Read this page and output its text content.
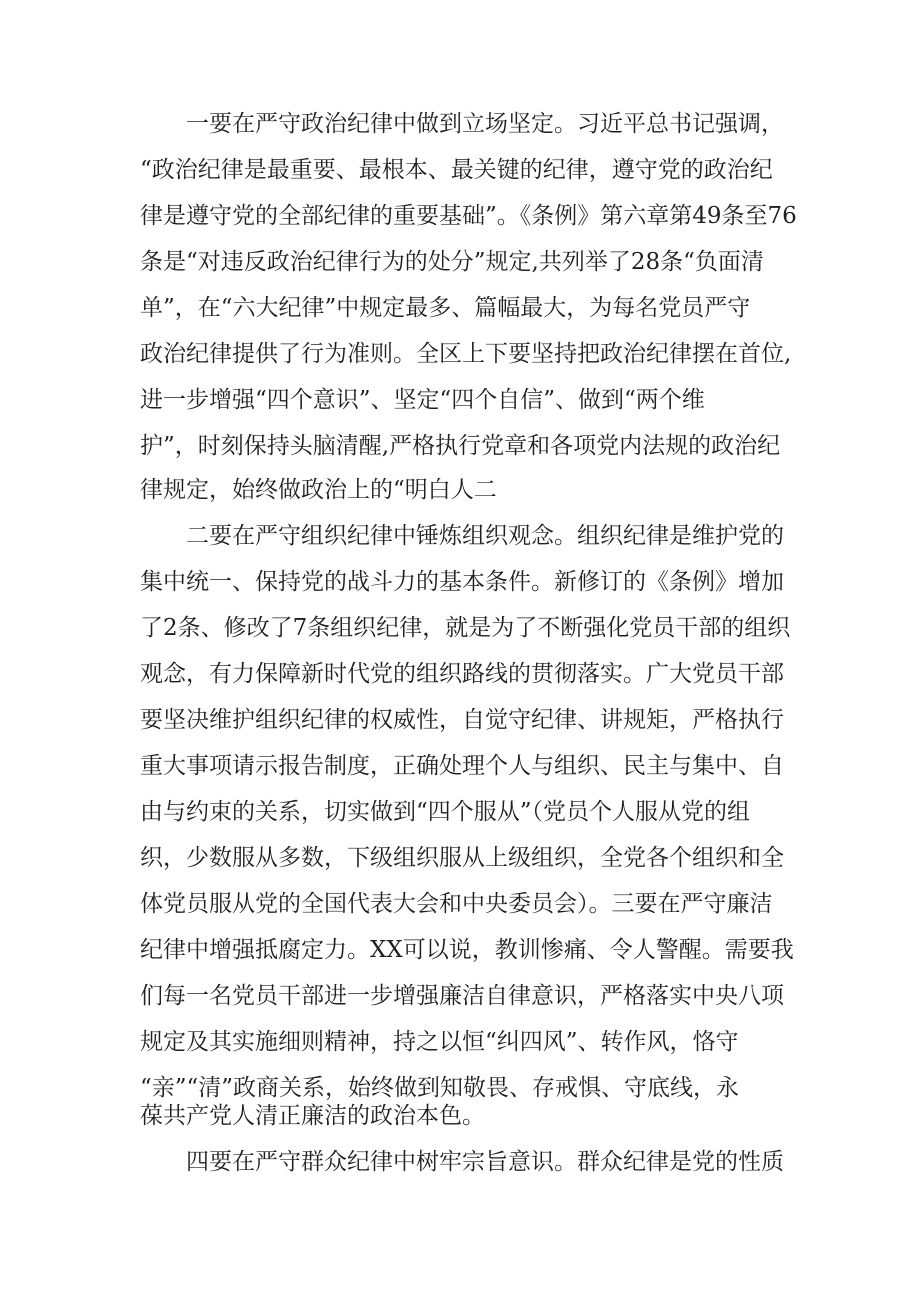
一要在严守政治纪律中做到立场坚定。习近平总书记强调，
“政治纪律是最重要、最根本、最关键的纪律，遵守党的政治纪
律是遵守党的全部纪律的重要基础”。《条例》第六章第49条至76
条是“对违反政治纪律行为的处分”规定,共列举了28条“负面清
单”，在“六大纪律”中规定最多、篇幅最大，为每名党员严守
政治纪律提供了行为准则。全区上下要坚持把政治纪律摆在首位,
进一步增强“四个意识”、坚定“四个自信”、做到“两个维
护”，时刻保持头脑清醒,严格执行党章和各项党内法规的政治纪
律规定，始终做政治上的“明白人二
二要在严守组织纪律中锤炼组织观念。组织纪律是维护党的
集中统一、保持党的战斗力的基本条件。新修订的《条例》增加
了2条、修改了7条组织纪律，就是为了不断强化党员干部的组织
观念，有力保障新时代党的组织路线的贯彻落实。广大党员干部
要坚决维护组织纪律的权威性，自觉守纪律、讲规矩，严格执行
重大事项请示报告制度，正确处理个人与组织、民主与集中、自
由与约束的关系，切实做到“四个服从”（党员个人服从党的组
织，少数服从多数，下级组织服从上级组织，全党各个组织和全
体党员服从党的全国代表大会和中央委员会）。三要在严守廉洁
纪律中增强抵腐定力。XX可以说，教训惨痛、令人警醒。需要我
们每一名党员干部进一步增强廉洁自律意识，严格落实中央八项
规定及其实施细则精神，持之以恒“纠四风”、转作风，恪守
“亲”“清”政商关系，始终做到知敬畏、存戒惧、守底线，永
葆共产党人清正廉洁的政治本色。
四要在严守群众纪律中树牢宗旨意识。群众纪律是党的性质
